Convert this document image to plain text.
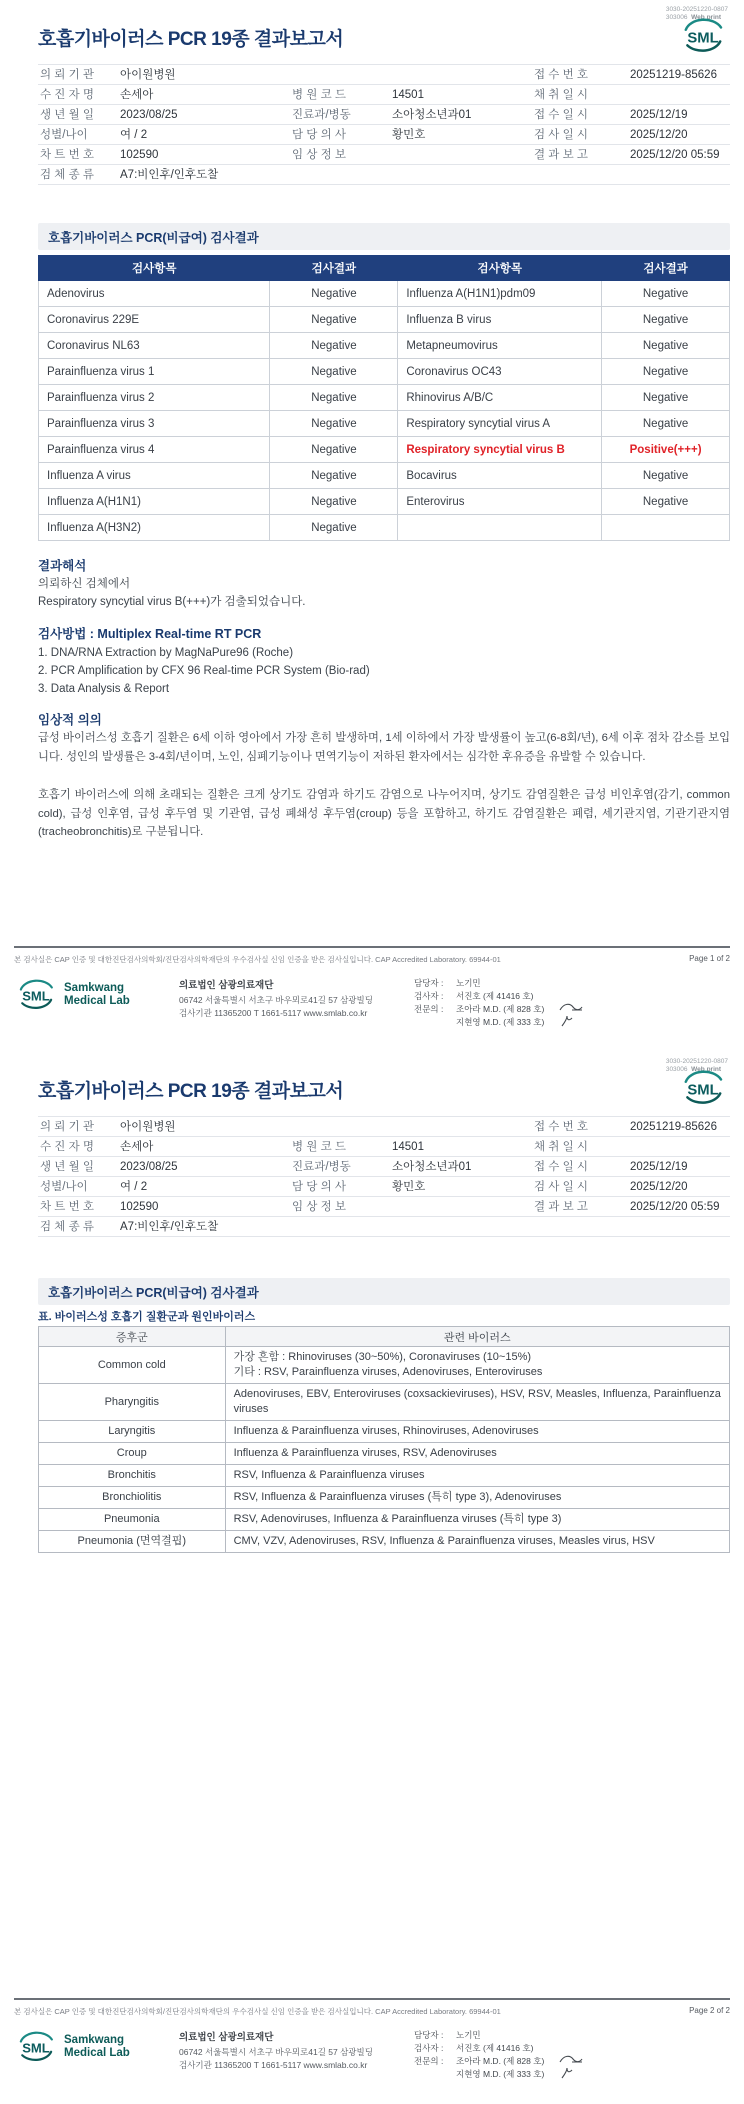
3030-20251220-0807
303006 Web print
호흡기바이러스 PCR 19종 결과보고서	SML
의 뢰 기 관	아이원병원	접 수 번 호	20251219-85626
수 진 자 명	손세아	병 원 코 드	14501	채 취 일 시
생 년 월 일	2023/08/25	진료과/병동	소아청소년과01	접 수 일 시	2025/12/19
성별/나이	여 / 2	담 당 의 사	황민호	검 사 일 시	2025/12/20
차 트 번 호	102590	임 상 정 보	결 과 보 고	2025/12/20 05:59
검 체 종 류	A7:비인후/인후도찰
호흡기바이러스 PCR(비급여) 검사결과
검사항목	검사결과	검사항목	검사결과
Adenovirus	Negative	Influenza A(H1N1)pdm09	Negative
Coronavirus 229E	Negative	Influenza B virus	Negative
Coronavirus NL63	Negative	Metapneumovirus	Negative
Parainfluenza virus 1	Negative	Coronavirus OC43	Negative
Parainfluenza virus 2	Negative	Rhinovirus A/B/C	Negative
Parainfluenza virus 3	Negative	Respiratory syncytial virus A	Negative
Parainfluenza virus 4	Negative	Respiratory syncytial virus B	Positive(+++)
Influenza A virus	Negative	Bocavirus	Negative
Influenza A(H1N1)	Negative	Enterovirus	Negative
Influenza A(H3N2)	Negative		
결과해석
의뢰하신 검체에서
Respiratory syncytial virus B(+++)가 검출되었습니다.
검사방법 : Multiplex Real-time RT PCR
1. DNA/RNA Extraction by MagNaPure96 (Roche)
2. PCR Amplification by CFX 96 Real-time PCR System (Bio-rad)
3. Data Analysis & Report
임상적 의의
급성 바이러스성 호흡기 질환은 6세 이하 영아에서 가장 흔히 발생하며, 1세 이하에서 가장 발생률이 높고(6-8회/년), 6세 이후 점차 감소를 보입니다. 성인의 발생률은 3-4회/년이며, 노인, 심폐기능이나 면역기능이 저하된 환자에서는 심각한 후유증을 유발할 수 있습니다.
호흡기 바이러스에 의해 초래되는 질환은 크게 상기도 감염과 하기도 감염으로 나누어지며, 상기도 감염질환은 급성 비인후염(감기, common cold), 급성 인후염, 급성 후두염 및 기관염, 급성 폐쇄성 후두염(croup) 등을 포함하고, 하기도 감염질환은 폐렴, 세기관지염, 기관기관지염(tracheobronchitis)로 구분됩니다.
본 검사실은 CAP 인증 및 대한진단검사의학회/진단검사의학재단의 우수검사실 신임 인증을 받은 검사실입니다. CAP Accredited Laboratory. 69944-01	Page 1 of 2
SML
Samkwang
Medical Lab
의료법인 삼광의료재단
06742 서울특별시 서초구 바우뫼로41길 57 삼광빌딩
검사기관 11365200 T 1661-5117 www.smlab.co.kr
담당자 :	노기민
검사자 :	서진호 (제 41416 호)
전문의 :	조아라 M.D. (제 828 호)
지현영 M.D. (제 333 호)
3030-20251220-0807
303006 Web print
호흡기바이러스 PCR 19종 결과보고서	SML
의 뢰 기 관	아이원병원	접 수 번 호	20251219-85626
수 진 자 명	손세아	병 원 코 드	14501	채 취 일 시
생 년 월 일	2023/08/25	진료과/병동	소아청소년과01	접 수 일 시	2025/12/19
성별/나이	여 / 2	담 당 의 사	황민호	검 사 일 시	2025/12/20
차 트 번 호	102590	임 상 정 보	결 과 보 고	2025/12/20 05:59
검 체 종 류	A7:비인후/인후도찰
호흡기바이러스 PCR(비급여) 검사결과
표. 바이러스성 호흡기 질환군과 원인바이러스
증후군	관련 바이러스
Common cold	가장 흔함 : Rhinoviruses (30~50%), Coronaviruses (10~15%)
기타 : RSV, Parainfluenza viruses, Adenoviruses, Enteroviruses

Pharyngitis	Adenoviruses, EBV, Enteroviruses (coxsackieviruses), HSV, RSV, Measles, Influenza, Parainfluenza viruses
Laryngitis	Influenza & Parainfluenza viruses, Rhinoviruses, Adenoviruses
Croup	Influenza & Parainfluenza viruses, RSV, Adenoviruses
Bronchitis	RSV, Influenza & Parainfluenza viruses
Bronchiolitis	RSV, Influenza & Parainfluenza viruses (특히 type 3), Adenoviruses
Pneumonia	RSV, Adenoviruses, Influenza & Parainfluenza viruses (특히 type 3)
Pneumonia (면역결핍)	CMV, VZV, Adenoviruses, RSV, Influenza & Parainfluenza viruses, Measles virus, HSV
본 검사실은 CAP 인증 및 대한진단검사의학회/진단검사의학재단의 우수검사실 신임 인증을 받은 검사실입니다. CAP Accredited Laboratory. 69944-01	Page 2 of 2
SML
Samkwang
Medical Lab
의료법인 삼광의료재단
06742 서울특별시 서초구 바우뫼로41길 57 삼광빌딩
검사기관 11365200 T 1661-5117 www.smlab.co.kr
담당자 :	노기민
검사자 :	서진호 (제 41416 호)
전문의 :	조아라 M.D. (제 828 호)
지현영 M.D. (제 333 호)
